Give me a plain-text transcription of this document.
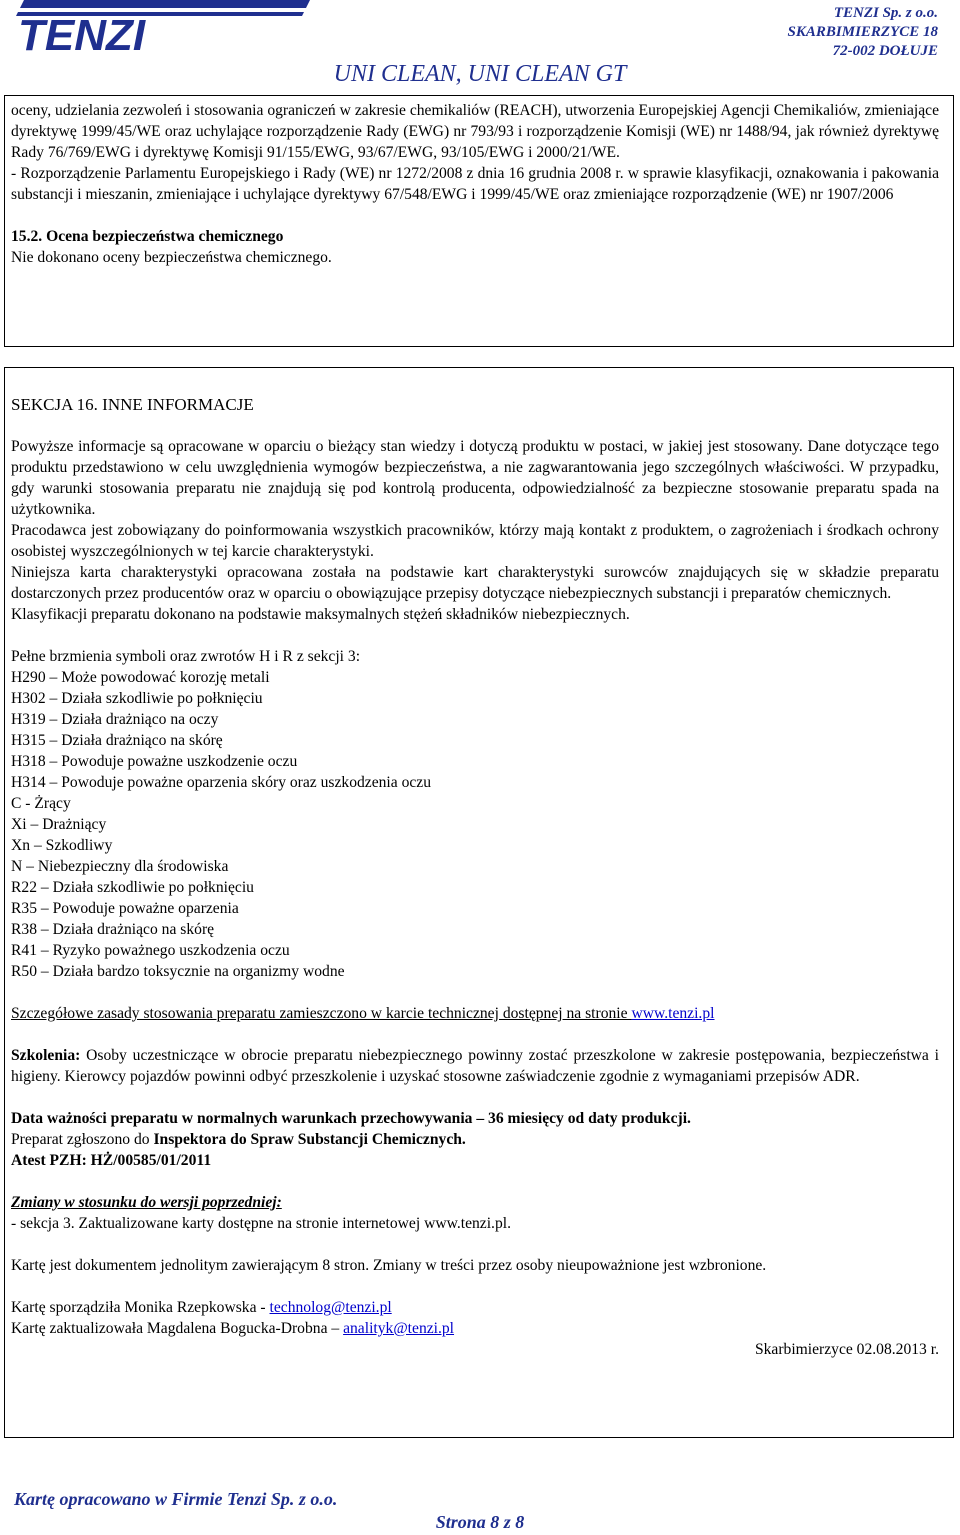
TENZI	TENZI Sp. z o.o.
SKARBIMIERZYCE 18
72-002 DOŁUJE
UNI CLEAN, UNI CLEAN GT

oceny, udzielania zezwoleń i stosowania ograniczeń w zakresie chemikaliów (REACH), utworzenia Europejskiej Agencji Chemikaliów, zmieniające dyrektywę 1999/45/WE oraz uchylające rozporządzenie Rady (EWG) nr 793/93 i rozporządzenie Komisji (WE) nr 1488/94, jak również dyrektywę Rady 76/769/EWG i dyrektywę Komisji 91/155/EWG, 93/67/EWG, 93/105/EWG i 2000/21/WE.

- Rozporządzenie Parlamentu Europejskiego i Rady (WE) nr 1272/2008 z dnia 16 grudnia 2008 r. w sprawie klasyfikacji, oznakowania i pakowania substancji i mieszanin, zmieniające i uchylające dyrektywy 67/548/EWG i 1999/45/WE oraz zmieniające rozporządzenie (WE) nr 1907/2006

15.2. Ocena bezpieczeństwa chemicznego
Nie dokonano oceny bezpieczeństwa chemicznego.
SEKCJA 16. INNE INFORMACJE

Powyższe informacje są opracowane w oparciu o bieżący stan wiedzy i dotyczą produktu w postaci, w jakiej jest stosowany. Dane dotyczące tego produktu przedstawiono w celu uwzględnienia wymogów bezpieczeństwa, a nie zagwarantowania jego szczególnych właściwości. W przypadku, gdy warunki stosowania preparatu nie znajdują się pod kontrolą producenta, odpowiedzialność za bezpieczne stosowanie preparatu spada na użytkownika.

Pracodawca jest zobowiązany do poinformowania wszystkich pracowników, którzy mają kontakt z produktem, o zagrożeniach i środkach ochrony osobistej wyszczególnionych w tej karcie charakterystyki.

Niniejsza karta charakterystyki opracowana została na podstawie kart charakterystyki surowców znajdujących się w składzie preparatu dostarczonych przez producentów oraz w oparciu o obowiązujące przepisy dotyczące niebezpiecznych substancji i preparatów chemicznych.

Klasyfikacji preparatu dokonano na podstawie maksymalnych stężeń składników niebezpiecznych.

Pełne brzmienia symboli oraz zwrotów H i R z sekcji 3:
H290 – Może powodować korozję metali
H302 – Działa szkodliwie po połknięciu
H319 – Działa drażniąco na oczy
H315 – Działa drażniąco na skórę
H318 – Powoduje poważne uszkodzenie oczu
H314 – Powoduje poważne oparzenia skóry oraz uszkodzenia oczu
C - Żrący
Xi – Drażniący
Xn – Szkodliwy
N – Niebezpieczny dla środowiska
R22 – Działa szkodliwie po połknięciu
R35 – Powoduje poważne oparzenia
R38 – Działa drażniąco na skórę
R41 – Ryzyko poważnego uszkodzenia oczu
R50 – Działa bardzo toksycznie na organizmy wodne
Szczegółowe zasady stosowania preparatu zamieszczono w karcie technicznej dostępnej na stronie www.tenzi.pl

Szkolenia: Osoby uczestniczące w obrocie preparatu niebezpiecznego powinny zostać przeszkolone w zakresie postępowania, bezpieczeństwa i higieny. Kierowcy pojazdów powinni odbyć przeszkolenie i uzyskać stosowne zaświadczenie zgodnie z wymaganiami przepisów ADR.

Data ważności preparatu w normalnych warunkach przechowywania – 36 miesięcy od daty produkcji.
Preparat zgłoszono do Inspektora do Spraw Substancji Chemicznych.
Atest PZH: HŻ/00585/01/2011
Zmiany w stosunku do wersji poprzedniej:
- sekcja 3. Zaktualizowane karty dostępne na stronie internetowej www.tenzi.pl.
Kartę jest dokumentem jednolitym zawierającym 8 stron. Zmiany w treści przez osoby nieupoważnione jest wzbronione.
Kartę sporządziła Monika Rzepkowska - technolog@tenzi.pl
Kartę zaktualizowała Magdalena Bogucka-Drobna – analityk@tenzi.pl
Skarbimierzyce 02.08.2013 r.
Kartę opracowano w Firmie Tenzi Sp. z o.o.
Strona 8 z 8
